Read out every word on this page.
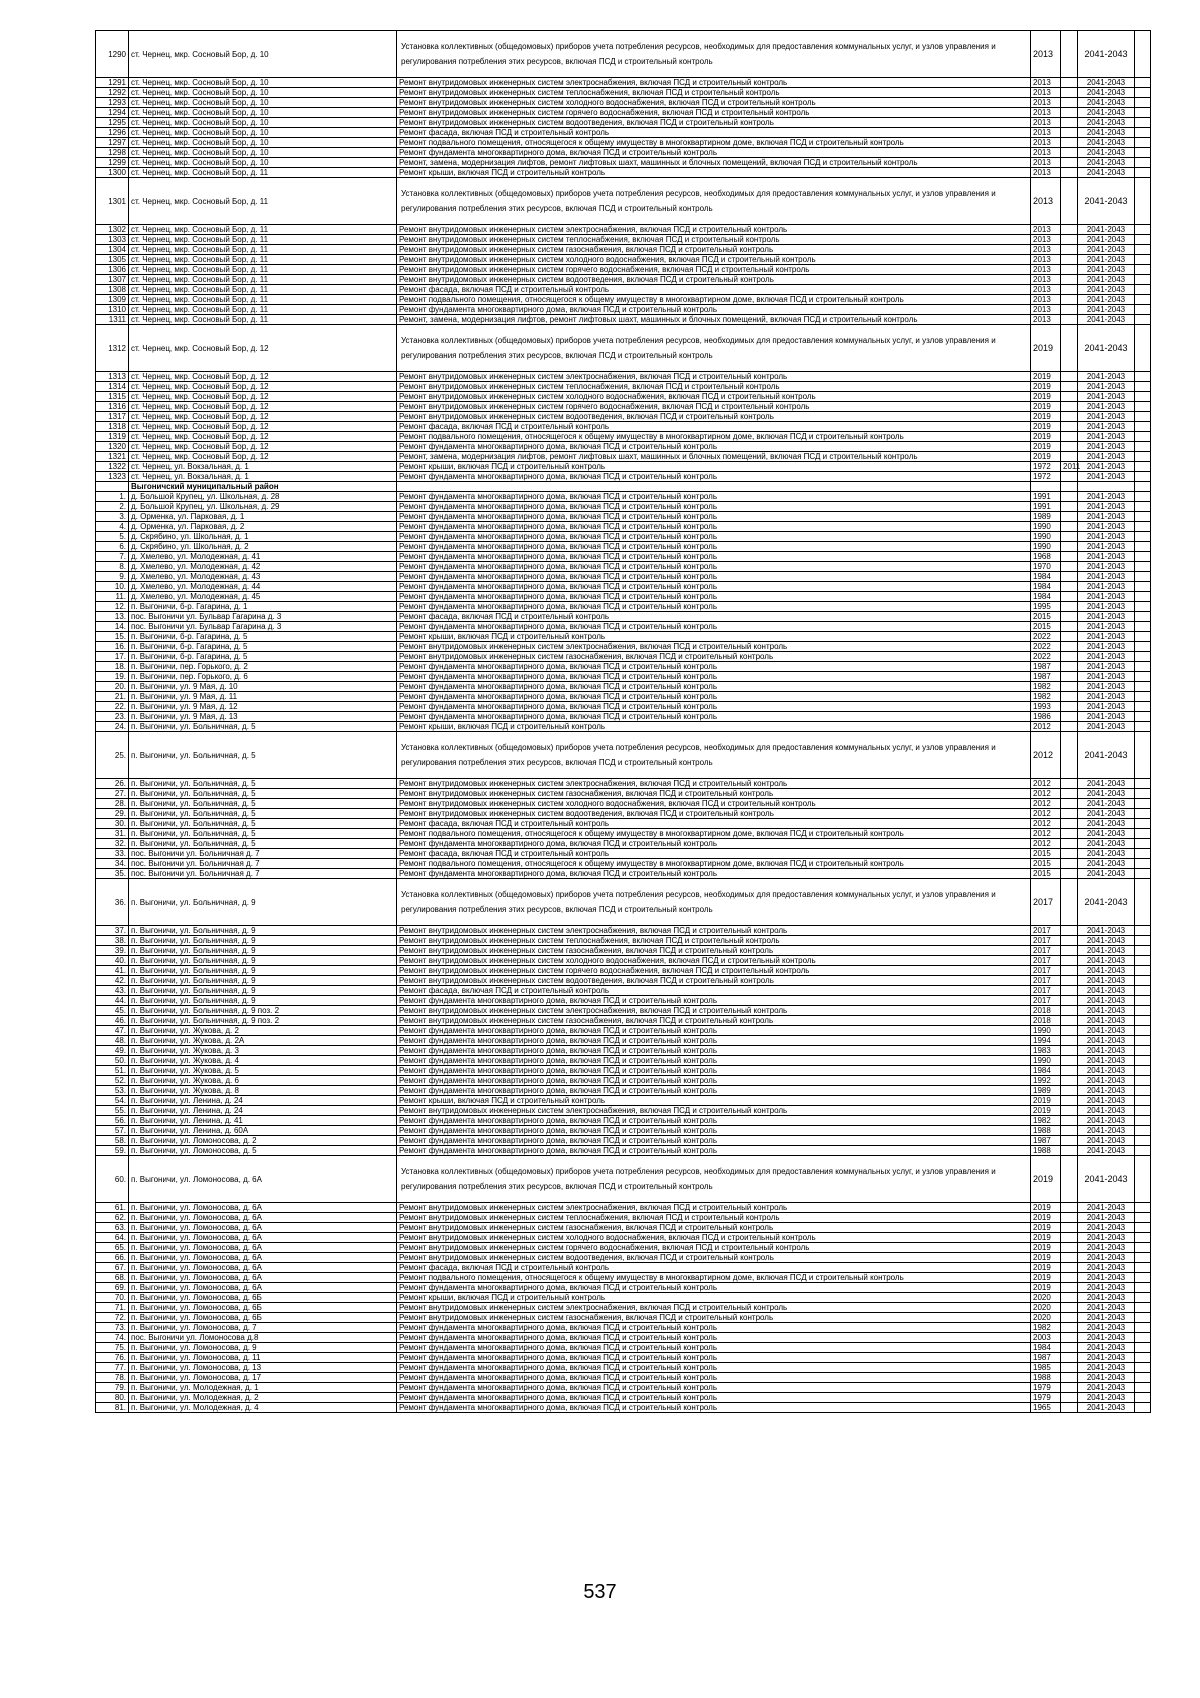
1290	ст. Чернец, мкр. Сосновый Бор, д. 10	Установка коллективных (общедомовых) приборов учета потребления ресурсов, необходимых для предоставления коммунальных услуг, и узлов управления и регулирования потребления этих ресурсов, включая ПСД и строительный контроль	2013		2041-2043	
1291	ст. Чернец, мкр. Сосновый Бор, д. 10	Ремонт внутридомовых инженерных систем электроснабжения, включая ПСД и строительный контроль	2013		2041-2043	
1292	ст. Чернец, мкр. Сосновый Бор, д. 10	Ремонт внутридомовых инженерных систем теплоснабжения, включая ПСД и строительный контроль	2013		2041-2043	
1293	ст. Чернец, мкр. Сосновый Бор, д. 10	Ремонт внутридомовых инженерных систем холодного водоснабжения, включая ПСД и строительный контроль	2013		2041-2043	
1294	ст. Чернец, мкр. Сосновый Бор, д. 10	Ремонт внутридомовых инженерных систем горячего водоснабжения, включая ПСД и строительный контроль	2013		2041-2043	
1295	ст. Чернец, мкр. Сосновый Бор, д. 10	Ремонт внутридомовых инженерных систем водоотведения, включая ПСД и строительный контроль	2013		2041-2043	
1296	ст. Чернец, мкр. Сосновый Бор, д. 10	Ремонт фасада, включая ПСД и строительный контроль	2013		2041-2043	
1297	ст. Чернец, мкр. Сосновый Бор, д. 10	Ремонт подвального помещения, относящегося к общему имуществу в многоквартирном доме, включая ПСД и строительный контроль	2013		2041-2043	
1298	ст. Чернец, мкр. Сосновый Бор, д. 10	Ремонт фундамента многоквартирного дома, включая ПСД и строительный контроль	2013		2041-2043	
1299	ст. Чернец, мкр. Сосновый Бор, д. 10	Ремонт, замена, модернизация лифтов, ремонт лифтовых шахт, машинных и блочных помещений, включая ПСД и строительный контроль	2013		2041-2043	
1300	ст. Чернец, мкр. Сосновый Бор, д. 11	Ремонт крыши, включая ПСД и строительный контроль	2013		2041-2043	
1301	ст. Чернец, мкр. Сосновый Бор, д. 11	Установка коллективных (общедомовых) приборов учета потребления ресурсов, необходимых для предоставления коммунальных услуг, и узлов управления и регулирования потребления этих ресурсов, включая ПСД и строительный контроль	2013		2041-2043	
1302	ст. Чернец, мкр. Сосновый Бор, д. 11	Ремонт внутридомовых инженерных систем электроснабжения, включая ПСД и строительный контроль	2013		2041-2043	
1303	ст. Чернец, мкр. Сосновый Бор, д. 11	Ремонт внутридомовых инженерных систем теплоснабжения, включая ПСД и строительный контроль	2013		2041-2043	
1304	ст. Чернец, мкр. Сосновый Бор, д. 11	Ремонт внутридомовых инженерных систем газоснабжения, включая ПСД и строительный контроль	2013		2041-2043	
1305	ст. Чернец, мкр. Сосновый Бор, д. 11	Ремонт внутридомовых инженерных систем холодного водоснабжения, включая ПСД и строительный контроль	2013		2041-2043	
1306	ст. Чернец, мкр. Сосновый Бор, д. 11	Ремонт внутридомовых инженерных систем горячего водоснабжения, включая ПСД и строительный контроль	2013		2041-2043	
1307	ст. Чернец, мкр. Сосновый Бор, д. 11	Ремонт внутридомовых инженерных систем водоотведения, включая ПСД и строительный контроль	2013		2041-2043	
1308	ст. Чернец, мкр. Сосновый Бор, д. 11	Ремонт фасада, включая ПСД и строительный контроль	2013		2041-2043	
1309	ст. Чернец, мкр. Сосновый Бор, д. 11	Ремонт подвального помещения, относящегося к общему имуществу в многоквартирном доме, включая ПСД и строительный контроль	2013		2041-2043	
1310	ст. Чернец, мкр. Сосновый Бор, д. 11	Ремонт фундамента многоквартирного дома, включая ПСД и строительный контроль	2013		2041-2043	
1311	ст. Чернец, мкр. Сосновый Бор, д. 11	Ремонт, замена, модернизация лифтов, ремонт лифтовых шахт, машинных и блочных помещений, включая ПСД и строительный контроль	2013		2041-2043	
1312	ст. Чернец, мкр. Сосновый Бор, д. 12	Установка коллективных (общедомовых) приборов учета потребления ресурсов, необходимых для предоставления коммунальных услуг, и узлов управления и регулирования потребления этих ресурсов, включая ПСД и строительный контроль	2019		2041-2043	
1313	ст. Чернец, мкр. Сосновый Бор, д. 12	Ремонт внутридомовых инженерных систем электроснабжения, включая ПСД и строительный контроль	2019		2041-2043	
1314	ст. Чернец, мкр. Сосновый Бор, д. 12	Ремонт внутридомовых инженерных систем теплоснабжения, включая ПСД и строительный контроль	2019		2041-2043	
1315	ст. Чернец, мкр. Сосновый Бор, д. 12	Ремонт внутридомовых инженерных систем холодного водоснабжения, включая ПСД и строительный контроль	2019		2041-2043	
1316	ст. Чернец, мкр. Сосновый Бор, д. 12	Ремонт внутридомовых инженерных систем горячего водоснабжения, включая ПСД и строительный контроль	2019		2041-2043	
1317	ст. Чернец, мкр. Сосновый Бор, д. 12	Ремонт внутридомовых инженерных систем водоотведения, включая ПСД и строительный контроль	2019		2041-2043	
1318	ст. Чернец, мкр. Сосновый Бор, д. 12	Ремонт фасада, включая ПСД и строительный контроль	2019		2041-2043	
1319	ст. Чернец, мкр. Сосновый Бор, д. 12	Ремонт подвального помещения, относящегося к общему имуществу в многоквартирном доме, включая ПСД и строительный контроль	2019		2041-2043	
1320	ст. Чернец, мкр. Сосновый Бор, д. 12	Ремонт фундамента многоквартирного дома, включая ПСД и строительный контроль	2019		2041-2043	
1321	ст. Чернец, мкр. Сосновый Бор, д. 12	Ремонт, замена, модернизация лифтов, ремонт лифтовых шахт, машинных и блочных помещений, включая ПСД и строительный контроль	2019		2041-2043	
1322	ст. Чернец, ул. Вокзальная, д. 1	Ремонт крыши, включая ПСД и строительный контроль	1972	2011	2041-2043	
1323	ст. Чернец, ул. Вокзальная, д. 1	Ремонт фундамента многоквартирного дома, включая ПСД и строительный контроль	1972		2041-2043	
	Выгоничский муниципальный район					
1.	д. Большой Крупец, ул. Школьная, д. 28	Ремонт фундамента многоквартирного дома, включая ПСД и строительный контроль	1991		2041-2043	
2.	д. Большой Крупец, ул. Школьная, д. 29	Ремонт фундамента многоквартирного дома, включая ПСД и строительный контроль	1991		2041-2043	
3.	д. Орменка, ул. Парковая, д. 1	Ремонт фундамента многоквартирного дома, включая ПСД и строительный контроль	1989		2041-2043	
4.	д. Орменка, ул. Парковая, д. 2	Ремонт фундамента многоквартирного дома, включая ПСД и строительный контроль	1990		2041-2043	
5.	д. Скрябино, ул. Школьная, д. 1	Ремонт фундамента многоквартирного дома, включая ПСД и строительный контроль	1990		2041-2043	
6.	д. Скрябино, ул. Школьная, д. 2	Ремонт фундамента многоквартирного дома, включая ПСД и строительный контроль	1990		2041-2043	
7.	д. Хмелево, ул. Молодежная, д. 41	Ремонт фундамента многоквартирного дома, включая ПСД и строительный контроль	1968		2041-2043	
8.	д. Хмелево, ул. Молодежная, д. 42	Ремонт фундамента многоквартирного дома, включая ПСД и строительный контроль	1970		2041-2043	
9.	д. Хмелево, ул. Молодежная, д. 43	Ремонт фундамента многоквартирного дома, включая ПСД и строительный контроль	1984		2041-2043	
10.	д. Хмелево, ул. Молодежная, д. 44	Ремонт фундамента многоквартирного дома, включая ПСД и строительный контроль	1984		2041-2043	
11.	д. Хмелево, ул. Молодежная, д. 45	Ремонт фундамента многоквартирного дома, включая ПСД и строительный контроль	1984		2041-2043	
12.	п. Выгоничи, б-р. Гагарина, д. 1	Ремонт фундамента многоквартирного дома, включая ПСД и строительный контроль	1995		2041-2043	
13.	пос. Выгоничи ул. Бульвар Гагарина д. 3	Ремонт фасада, включая ПСД и строительный контроль	2015		2041-2043	
14.	пос. Выгоничи ул. Бульвар Гагарина д. 3	Ремонт фундамента многоквартирного дома, включая ПСД и строительный контроль	2015		2041-2043	
15.	п. Выгоничи, б-р. Гагарина, д. 5	Ремонт крыши, включая ПСД и строительный контроль	2022		2041-2043	
16.	п. Выгоничи, б-р. Гагарина, д. 5	Ремонт внутридомовых инженерных систем электроснабжения, включая ПСД и строительный контроль	2022		2041-2043	
17.	п. Выгоничи, б-р. Гагарина, д. 5	Ремонт внутридомовых инженерных систем газоснабжения, включая ПСД и строительный контроль	2022		2041-2043	
18.	п. Выгоничи, пер. Горького, д. 2	Ремонт фундамента многоквартирного дома, включая ПСД и строительный контроль	1987		2041-2043	
19.	п. Выгоничи, пер. Горького, д. 6	Ремонт фундамента многоквартирного дома, включая ПСД и строительный контроль	1987		2041-2043	
20.	п. Выгоничи, ул. 9 Мая, д. 10	Ремонт фундамента многоквартирного дома, включая ПСД и строительный контроль	1982		2041-2043	
21.	п. Выгоничи, ул. 9 Мая, д. 11	Ремонт фундамента многоквартирного дома, включая ПСД и строительный контроль	1982		2041-2043	
22.	п. Выгоничи, ул. 9 Мая, д. 12	Ремонт фундамента многоквартирного дома, включая ПСД и строительный контроль	1993		2041-2043	
23.	п. Выгоничи, ул. 9 Мая, д. 13	Ремонт фундамента многоквартирного дома, включая ПСД и строительный контроль	1986		2041-2043	
24.	п. Выгоничи, ул. Больничная, д. 5	Ремонт крыши, включая ПСД и строительный контроль	2012		2041-2043	
25.	п. Выгоничи, ул. Больничная, д. 5	Установка коллективных (общедомовых) приборов учета потребления ресурсов, необходимых для предоставления коммунальных услуг, и узлов управления и регулирования потребления этих ресурсов, включая ПСД и строительный контроль	2012		2041-2043	
26.	п. Выгоничи, ул. Больничная, д. 5	Ремонт внутридомовых инженерных систем электроснабжения, включая ПСД и строительный контроль	2012		2041-2043	
27.	п. Выгоничи, ул. Больничная, д. 5	Ремонт внутридомовых инженерных систем газоснабжения, включая ПСД и строительный контроль	2012		2041-2043	
28.	п. Выгоничи, ул. Больничная, д. 5	Ремонт внутридомовых инженерных систем холодного водоснабжения, включая ПСД и строительный контроль	2012		2041-2043	
29.	п. Выгоничи, ул. Больничная, д. 5	Ремонт внутридомовых инженерных систем водоотведения, включая ПСД и строительный контроль	2012		2041-2043	
30.	п. Выгоничи, ул. Больничная, д. 5	Ремонт фасада, включая ПСД и строительный контроль	2012		2041-2043	
31.	п. Выгоничи, ул. Больничная, д. 5	Ремонт подвального помещения, относящегося к общему имуществу в многоквартирном доме, включая ПСД и строительный контроль	2012		2041-2043	
32.	п. Выгоничи, ул. Больничная, д. 5	Ремонт фундамента многоквартирного дома, включая ПСД и строительный контроль	2012		2041-2043	
33.	пос. Выгоничи ул. Больничная д. 7	Ремонт фасада, включая ПСД и строительный контроль	2015		2041-2043	
34.	пос. Выгоничи ул. Больничная д. 7	Ремонт подвального помещения, относящегося к общему имуществу в многоквартирном доме, включая ПСД и строительный контроль	2015		2041-2043	
35.	пос. Выгоничи ул. Больничная д. 7	Ремонт фундамента многоквартирного дома, включая ПСД и строительный контроль	2015		2041-2043	
36.	п. Выгоничи, ул. Больничная, д. 9	Установка коллективных (общедомовых) приборов учета потребления ресурсов, необходимых для предоставления коммунальных услуг, и узлов управления и регулирования потребления этих ресурсов, включая ПСД и строительный контроль	2017		2041-2043	
37.	п. Выгоничи, ул. Больничная, д. 9	Ремонт внутридомовых инженерных систем электроснабжения, включая ПСД и строительный контроль	2017		2041-2043	
38.	п. Выгоничи, ул. Больничная, д. 9	Ремонт внутридомовых инженерных систем теплоснабжения, включая ПСД и строительный контроль	2017		2041-2043	
39.	п. Выгоничи, ул. Больничная, д. 9	Ремонт внутридомовых инженерных систем газоснабжения, включая ПСД и строительный контроль	2017		2041-2043	
40.	п. Выгоничи, ул. Больничная, д. 9	Ремонт внутридомовых инженерных систем холодного водоснабжения, включая ПСД и строительный контроль	2017		2041-2043	
41.	п. Выгоничи, ул. Больничная, д. 9	Ремонт внутридомовых инженерных систем горячего водоснабжения, включая ПСД и строительный контроль	2017		2041-2043	
42.	п. Выгоничи, ул. Больничная, д. 9	Ремонт внутридомовых инженерных систем водоотведения, включая ПСД и строительный контроль	2017		2041-2043	
43.	п. Выгоничи, ул. Больничная, д. 9	Ремонт фасада, включая ПСД и строительный контроль	2017		2041-2043	
44.	п. Выгоничи, ул. Больничная, д. 9	Ремонт фундамента многоквартирного дома, включая ПСД и строительный контроль	2017		2041-2043	
45.	п. Выгоничи, ул. Больничная, д. 9 поз. 2	Ремонт внутридомовых инженерных систем электроснабжения, включая ПСД и строительный контроль	2018		2041-2043	
46.	п. Выгоничи, ул. Больничная, д. 9 поз. 2	Ремонт внутридомовых инженерных систем газоснабжения, включая ПСД и строительный контроль	2018		2041-2043	
47.	п. Выгоничи, ул. Жукова, д. 2	Ремонт фундамента многоквартирного дома, включая ПСД и строительный контроль	1990		2041-2043	
48.	п. Выгоничи, ул. Жукова, д. 2А	Ремонт фундамента многоквартирного дома, включая ПСД и строительный контроль	1994		2041-2043	
49.	п. Выгоничи, ул. Жукова, д. 3	Ремонт фундамента многоквартирного дома, включая ПСД и строительный контроль	1983		2041-2043	
50.	п. Выгоничи, ул. Жукова, д. 4	Ремонт фундамента многоквартирного дома, включая ПСД и строительный контроль	1990		2041-2043	
51.	п. Выгоничи, ул. Жукова, д. 5	Ремонт фундамента многоквартирного дома, включая ПСД и строительный контроль	1984		2041-2043	
52.	п. Выгоничи, ул. Жукова, д. 6	Ремонт фундамента многоквартирного дома, включая ПСД и строительный контроль	1992		2041-2043	
53.	п. Выгоничи, ул. Жукова, д. 8	Ремонт фундамента многоквартирного дома, включая ПСД и строительный контроль	1989		2041-2043	
54.	п. Выгоничи, ул. Ленина, д. 24	Ремонт крыши, включая ПСД и строительный контроль	2019		2041-2043	
55.	п. Выгоничи, ул. Ленина, д. 24	Ремонт внутридомовых инженерных систем электроснабжения, включая ПСД и строительный контроль	2019		2041-2043	
56.	п. Выгоничи, ул. Ленина, д. 41	Ремонт фундамента многоквартирного дома, включая ПСД и строительный контроль	1982		2041-2043	
57.	п. Выгоничи, ул. Ленина, д. 60А	Ремонт фундамента многоквартирного дома, включая ПСД и строительный контроль	1988		2041-2043	
58.	п. Выгоничи, ул. Ломоносова, д. 2	Ремонт фундамента многоквартирного дома, включая ПСД и строительный контроль	1987		2041-2043	
59.	п. Выгоничи, ул. Ломоносова, д. 5	Ремонт фундамента многоквартирного дома, включая ПСД и строительный контроль	1988		2041-2043	
60.	п. Выгоничи, ул. Ломоносова, д. 6А	Установка коллективных (общедомовых) приборов учета потребления ресурсов, необходимых для предоставления коммунальных услуг, и узлов управления и регулирования потребления этих ресурсов, включая ПСД и строительный контроль	2019		2041-2043	
61.	п. Выгоничи, ул. Ломоносова, д. 6А	Ремонт внутридомовых инженерных систем электроснабжения, включая ПСД и строительный контроль	2019		2041-2043	
62.	п. Выгоничи, ул. Ломоносова, д. 6А	Ремонт внутридомовых инженерных систем теплоснабжения, включая ПСД и строительный контроль	2019		2041-2043	
63.	п. Выгоничи, ул. Ломоносова, д. 6А	Ремонт внутридомовых инженерных систем газоснабжения, включая ПСД и строительный контроль	2019		2041-2043	
64.	п. Выгоничи, ул. Ломоносова, д. 6А	Ремонт внутридомовых инженерных систем холодного водоснабжения, включая ПСД и строительный контроль	2019		2041-2043	
65.	п. Выгоничи, ул. Ломоносова, д. 6А	Ремонт внутридомовых инженерных систем горячего водоснабжения, включая ПСД и строительный контроль	2019		2041-2043	
66.	п. Выгоничи, ул. Ломоносова, д. 6А	Ремонт внутридомовых инженерных систем водоотведения, включая ПСД и строительный контроль	2019		2041-2043	
67.	п. Выгоничи, ул. Ломоносова, д. 6А	Ремонт фасада, включая ПСД и строительный контроль	2019		2041-2043	
68.	п. Выгоничи, ул. Ломоносова, д. 6А	Ремонт подвального помещения, относящегося к общему имуществу в многоквартирном доме, включая ПСД и строительный контроль	2019		2041-2043	
69.	п. Выгоничи, ул. Ломоносова, д. 6А	Ремонт фундамента многоквартирного дома, включая ПСД и строительный контроль	2019		2041-2043	
70.	п. Выгоничи, ул. Ломоносова, д. 6Б	Ремонт крыши, включая ПСД и строительный контроль	2020		2041-2043	
71.	п. Выгоничи, ул. Ломоносова, д. 6Б	Ремонт внутридомовых инженерных систем электроснабжения, включая ПСД и строительный контроль	2020		2041-2043	
72.	п. Выгоничи, ул. Ломоносова, д. 6Б	Ремонт внутридомовых инженерных систем газоснабжения, включая ПСД и строительный контроль	2020		2041-2043	
73.	п. Выгоничи, ул. Ломоносова, д. 7	Ремонт фундамента многоквартирного дома, включая ПСД и строительный контроль	1982		2041-2043	
74.	пос. Выгоничи ул. Ломоносова д.8	Ремонт фундамента многоквартирного дома, включая ПСД и строительный контроль	2003		2041-2043	
75.	п. Выгоничи, ул. Ломоносова, д. 9	Ремонт фундамента многоквартирного дома, включая ПСД и строительный контроль	1984		2041-2043	
76.	п. Выгоничи, ул. Ломоносова, д. 11	Ремонт фундамента многоквартирного дома, включая ПСД и строительный контроль	1987		2041-2043	
77.	п. Выгоничи, ул. Ломоносова, д. 13	Ремонт фундамента многоквартирного дома, включая ПСД и строительный контроль	1985		2041-2043	
78.	п. Выгоничи, ул. Ломоносова, д. 17	Ремонт фундамента многоквартирного дома, включая ПСД и строительный контроль	1988		2041-2043	
79.	п. Выгоничи, ул. Молодежная, д. 1	Ремонт фундамента многоквартирного дома, включая ПСД и строительный контроль	1979		2041-2043	
80.	п. Выгоничи, ул. Молодежная, д. 2	Ремонт фундамента многоквартирного дома, включая ПСД и строительный контроль	1979		2041-2043	
81.	п. Выгоничи, ул. Молодежная, д. 4	Ремонт фундамента многоквартирного дома, включая ПСД и строительный контроль	1965		2041-2043	
537
